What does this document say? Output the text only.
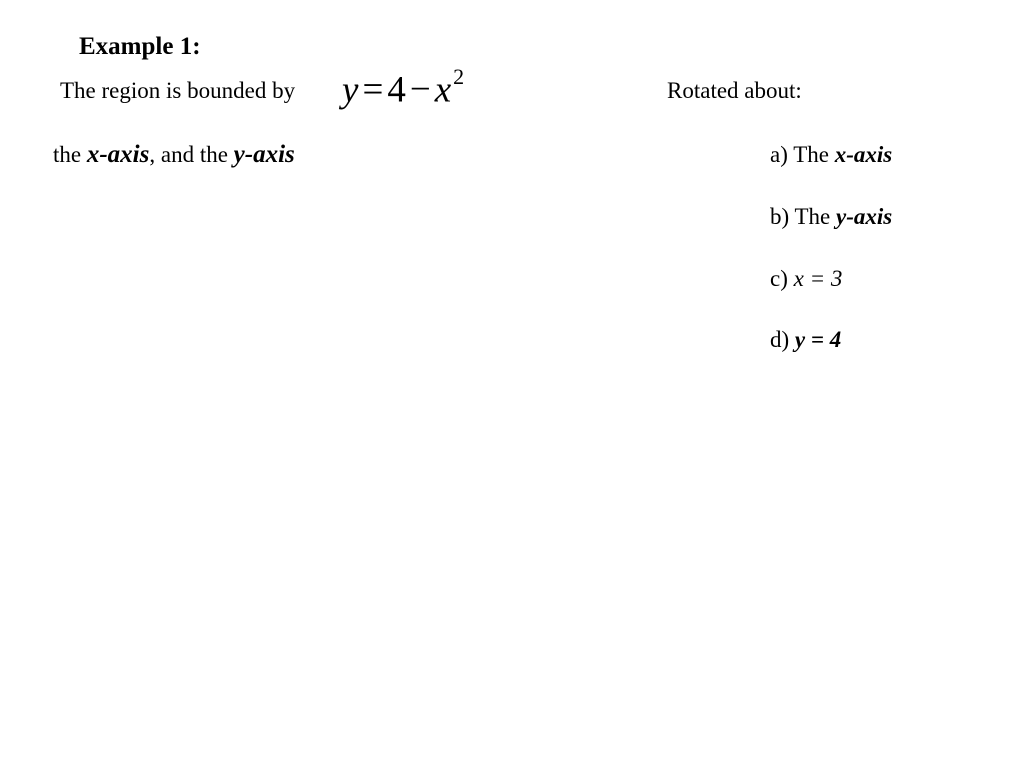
Example 1:
The region is bounded by $y = 4 - x^2$
Rotated about:
the x-axis, and the y-axis	a) The x-axis
b) The y-axis
c) x = 3
d) y = 4
